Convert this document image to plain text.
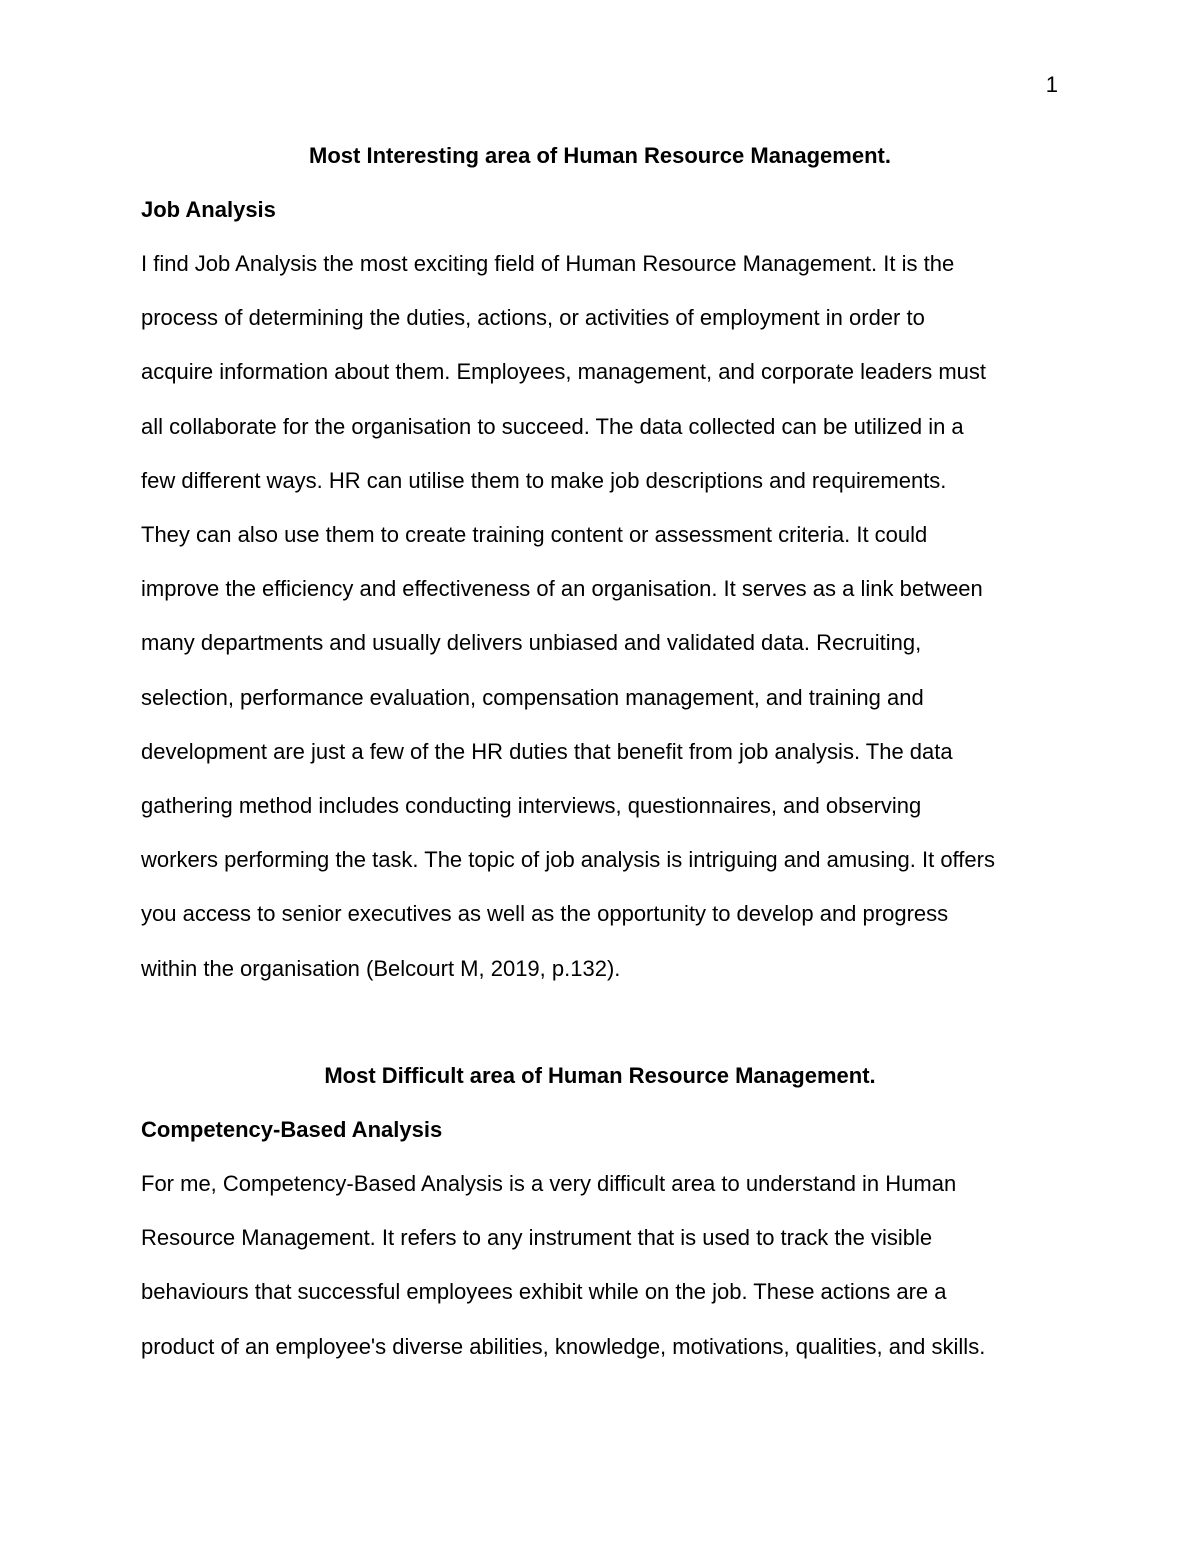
1
Most Interesting area of Human Resource Management.
Job Analysis
I find Job Analysis the most exciting field of Human Resource Management. It is the
process of determining the duties, actions, or activities of employment in order to
acquire information about them. Employees, management, and corporate leaders must
all collaborate for the organisation to succeed. The data collected can be utilized in a
few different ways. HR can utilise them to make job descriptions and requirements.
They can also use them to create training content or assessment criteria. It could
improve the efficiency and effectiveness of an organisation. It serves as a link between
many departments and usually delivers unbiased and validated data. Recruiting,
selection, performance evaluation, compensation management, and training and
development are just a few of the HR duties that benefit from job analysis. The data
gathering method includes conducting interviews, questionnaires, and observing
workers performing the task. The topic of job analysis is intriguing and amusing. It offers
you access to senior executives as well as the opportunity to develop and progress
within the organisation (Belcourt M, 2019, p.132).
Most Difficult area of Human Resource Management.
Competency-Based Analysis
For me, Competency-Based Analysis is a very difficult area to understand in Human
Resource Management. It refers to any instrument that is used to track the visible
behaviours that successful employees exhibit while on the job. These actions are a
product of an employee's diverse abilities, knowledge, motivations, qualities, and skills.
